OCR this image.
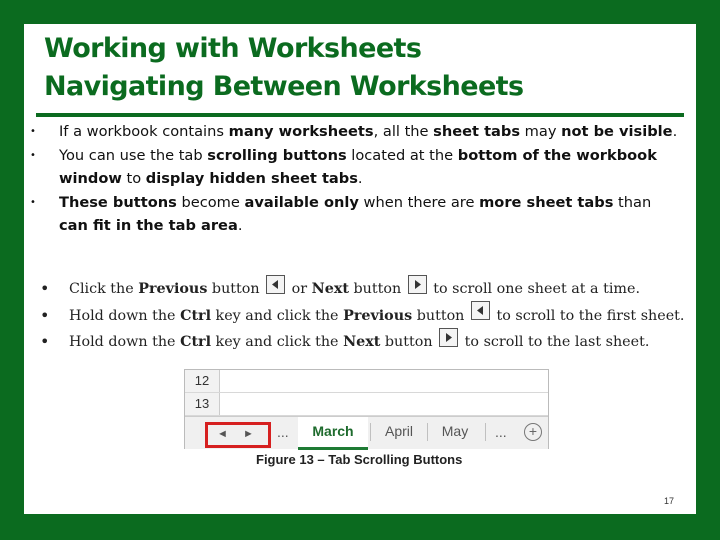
Working with Worksheets
Navigating Between Worksheets
• If a workbook contains many worksheets, all the sheet tabs may not be visible.
• You can use the tab scrolling buttons located at the bottom of the workbook window to display hidden sheet tabs.
• These buttons become available only when there are more sheet tabs than can fit in the tab area.
• Click the Previous button
or Next button
to scroll one sheet at a time.
• Hold down the Ctrl key and click the Previous button
to scroll to the first sheet.
• Hold down the Ctrl key and click the Next button
to scroll to the last sheet.
12
13
◄ ► ...	March	April	May	...	+
Figure 13 – Tab Scrolling Buttons
17
